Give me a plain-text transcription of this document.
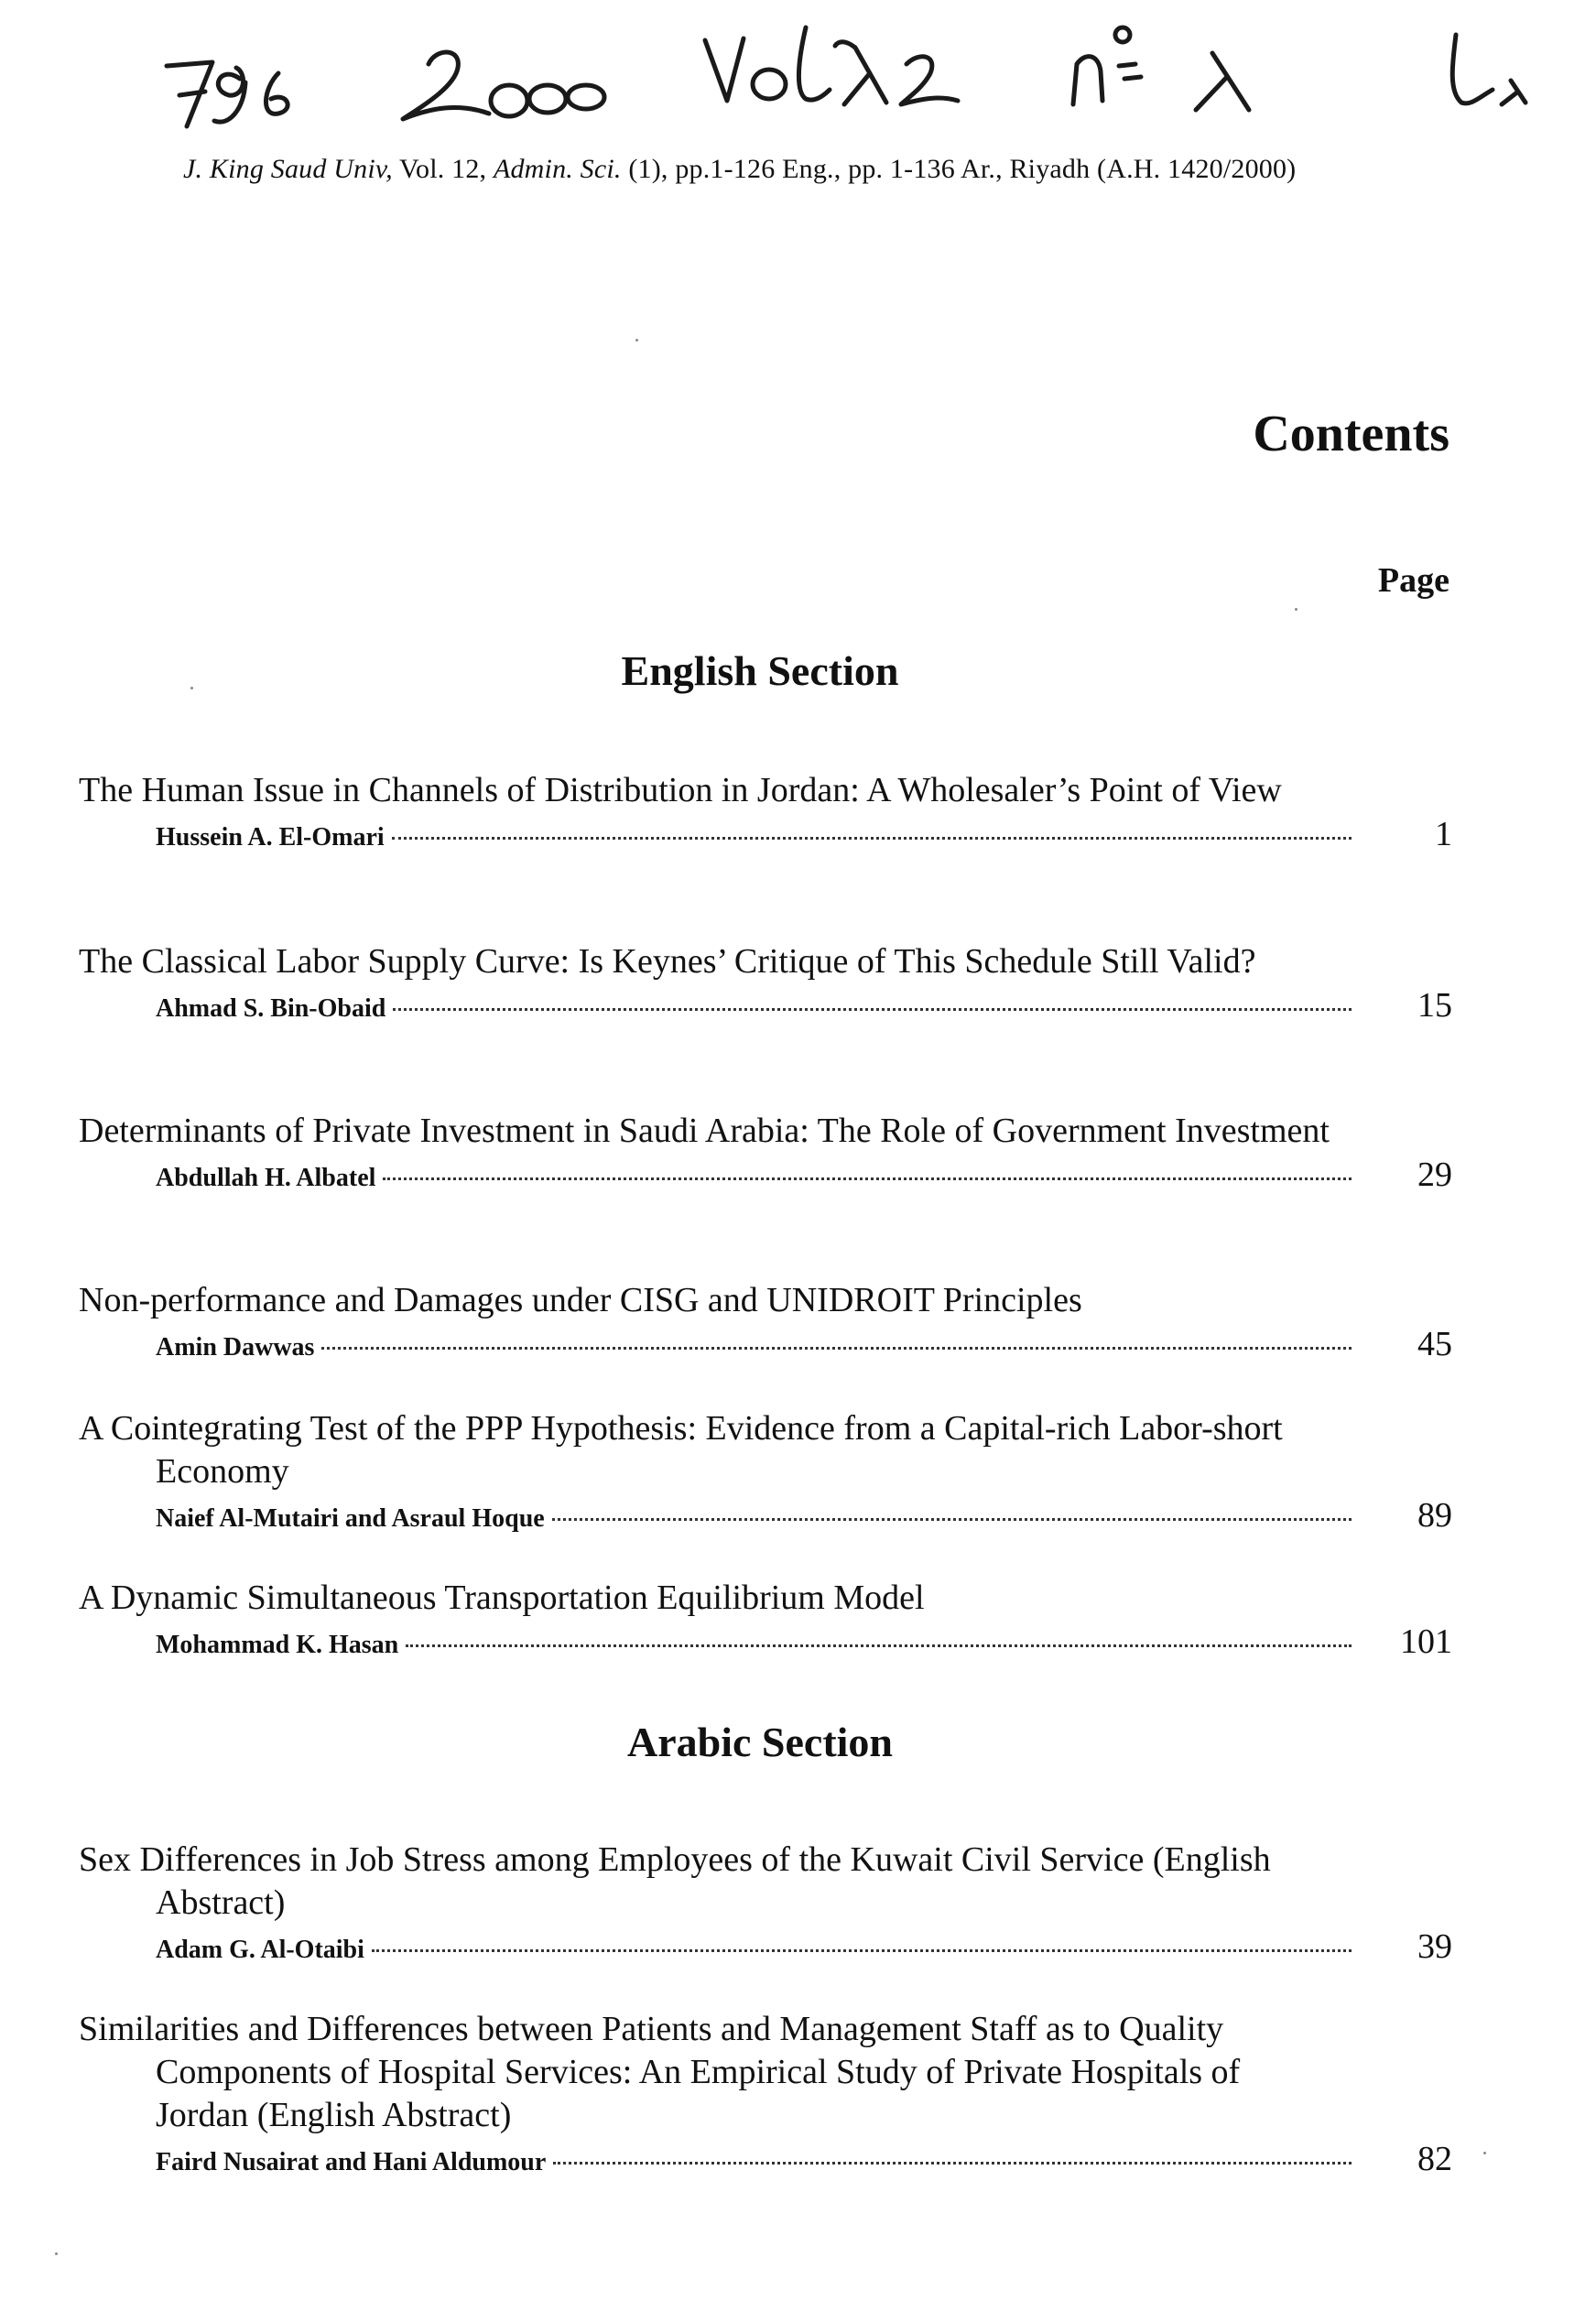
J. King Saud Univ, Vol. 12, Admin. Sci. (1), pp.1-126 Eng., pp. 1-136 Ar., Riyadh (A.H. 1420/2000)
Contents
Page
English Section
The Human Issue in Channels of Distribution in Jordan: A Wholesaler’s Point of View
Hussein A. El-Omari	1
The Classical Labor Supply Curve: Is Keynes’ Critique of This Schedule Still Valid?
Ahmad S. Bin-Obaid	15
Determinants of Private Investment in Saudi Arabia: The Role of Government Investment
Abdullah H. Albatel	29
Non-performance and Damages under CISG and UNIDROIT Principles
Amin Dawwas	45
A Cointegrating Test of the PPP Hypothesis: Evidence from a Capital-rich Labor-short Economy
Naief Al-Mutairi and Asraul Hoque	89
A Dynamic Simultaneous Transportation Equilibrium Model
Mohammad K. Hasan	101
Arabic Section
Sex Differences in Job Stress among Employees of the Kuwait Civil Service (English Abstract)
Adam G. Al-Otaibi	39
Similarities and Differences between Patients and Management Staff as to Quality Components of Hospital Services: An Empirical Study of Private Hospitals of Jordan (English Abstract)
Faird Nusairat and Hani Aldumour	82
